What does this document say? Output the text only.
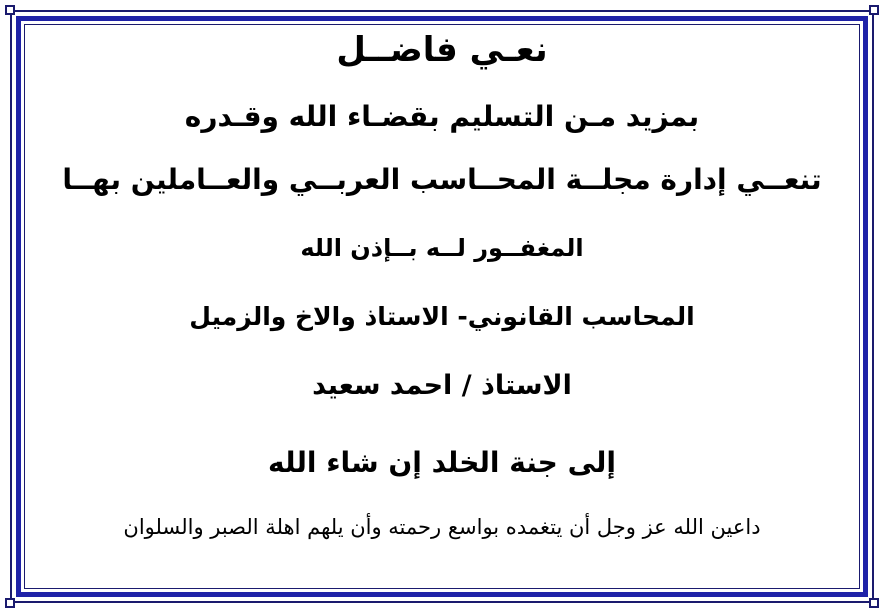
نعـي فاضــل
بمزيد مـن التسليم بقضـاء الله وقـدره
تنعــي إدارة مجلــة المحــاسب العربــي والعــاملين بهــا
المغفــور لــه بــإذن الله
المحاسب القانوني- الاستاذ والاخ والزميل
الاستاذ / احمد سعيد
إلى جنة الخلد إن شاء الله
داعين الله عز وجل أن يتغمده بواسع رحمته وأن يلهم اهلة الصبر والسلوان
